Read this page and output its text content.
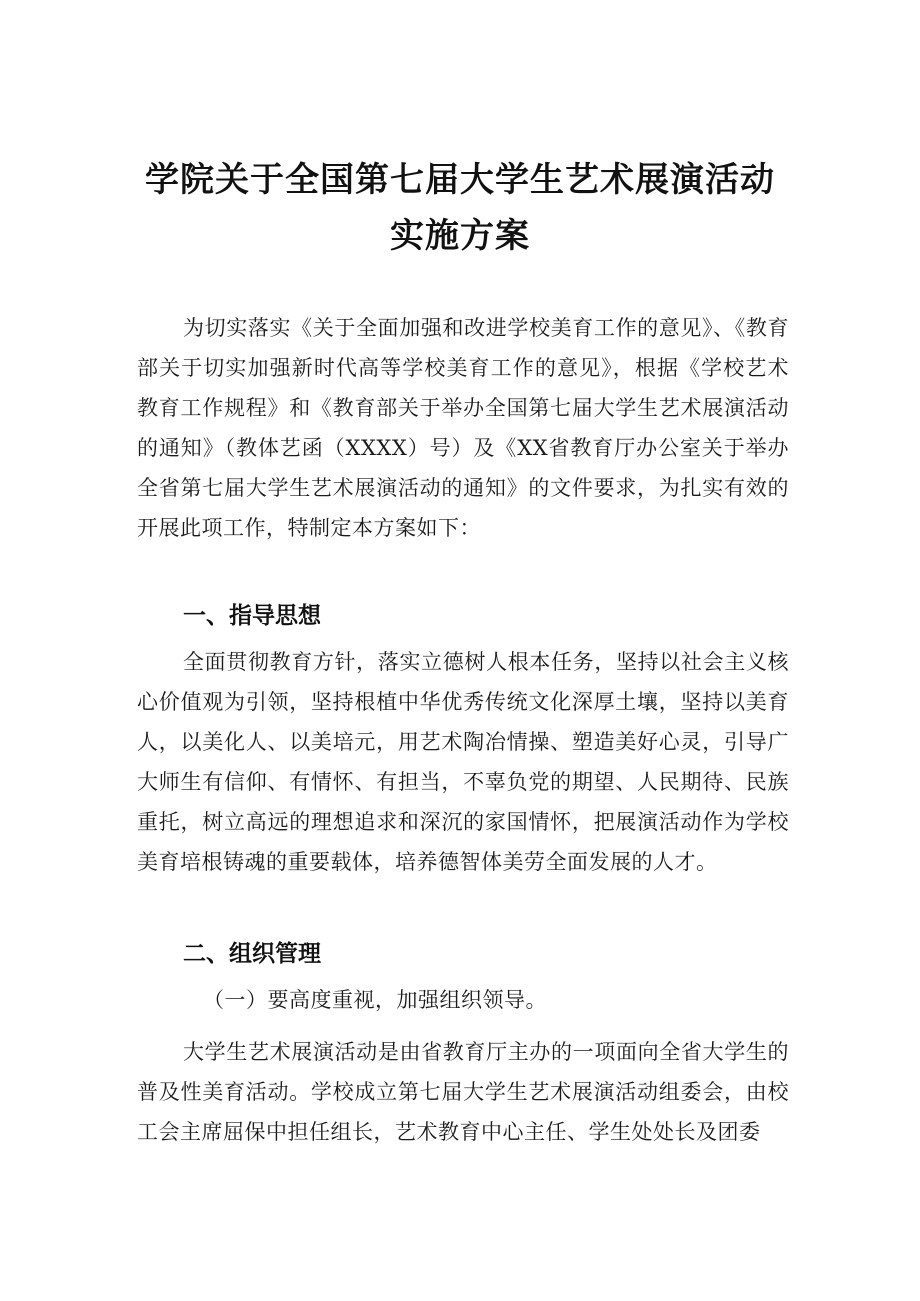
学院关于全国第七届大学生艺术展演活动
实施方案

为切实落实《关于全面加强和改进学校美育工作的意见》、《教育部关于切实加强新时代高等学校美育工作的意见》，根据《学校艺术教育工作规程》和《教育部关于举办全国第七届大学生艺术展演活动的通知》（教体艺函（XXXX）号）及《XX省教育厅办公室关于举办全省第七届大学生艺术展演活动的通知》的文件要求，为扎实有效的开展此项工作，特制定本方案如下：

一、指导思想

全面贯彻教育方针，落实立德树人根本任务，坚持以社会主义核心价值观为引领，坚持根植中华优秀传统文化深厚土壤，坚持以美育人，以美化人、以美培元，用艺术陶冶情操、塑造美好心灵，引导广大师生有信仰、有情怀、有担当，不辜负党的期望、人民期待、民族重托，树立高远的理想追求和深沉的家国情怀，把展演活动作为学校美育培根铸魂的重要载体，培养德智体美劳全面发展的人才。

二、组织管理

（一）要高度重视，加强组织领导。

大学生艺术展演活动是由省教育厅主办的一项面向全省大学生的普及性美育活动。学校成立第七届大学生艺术展演活动组委会，由校工会主席屈保中担任组长，艺术教育中心主任、学生处处长及团委
